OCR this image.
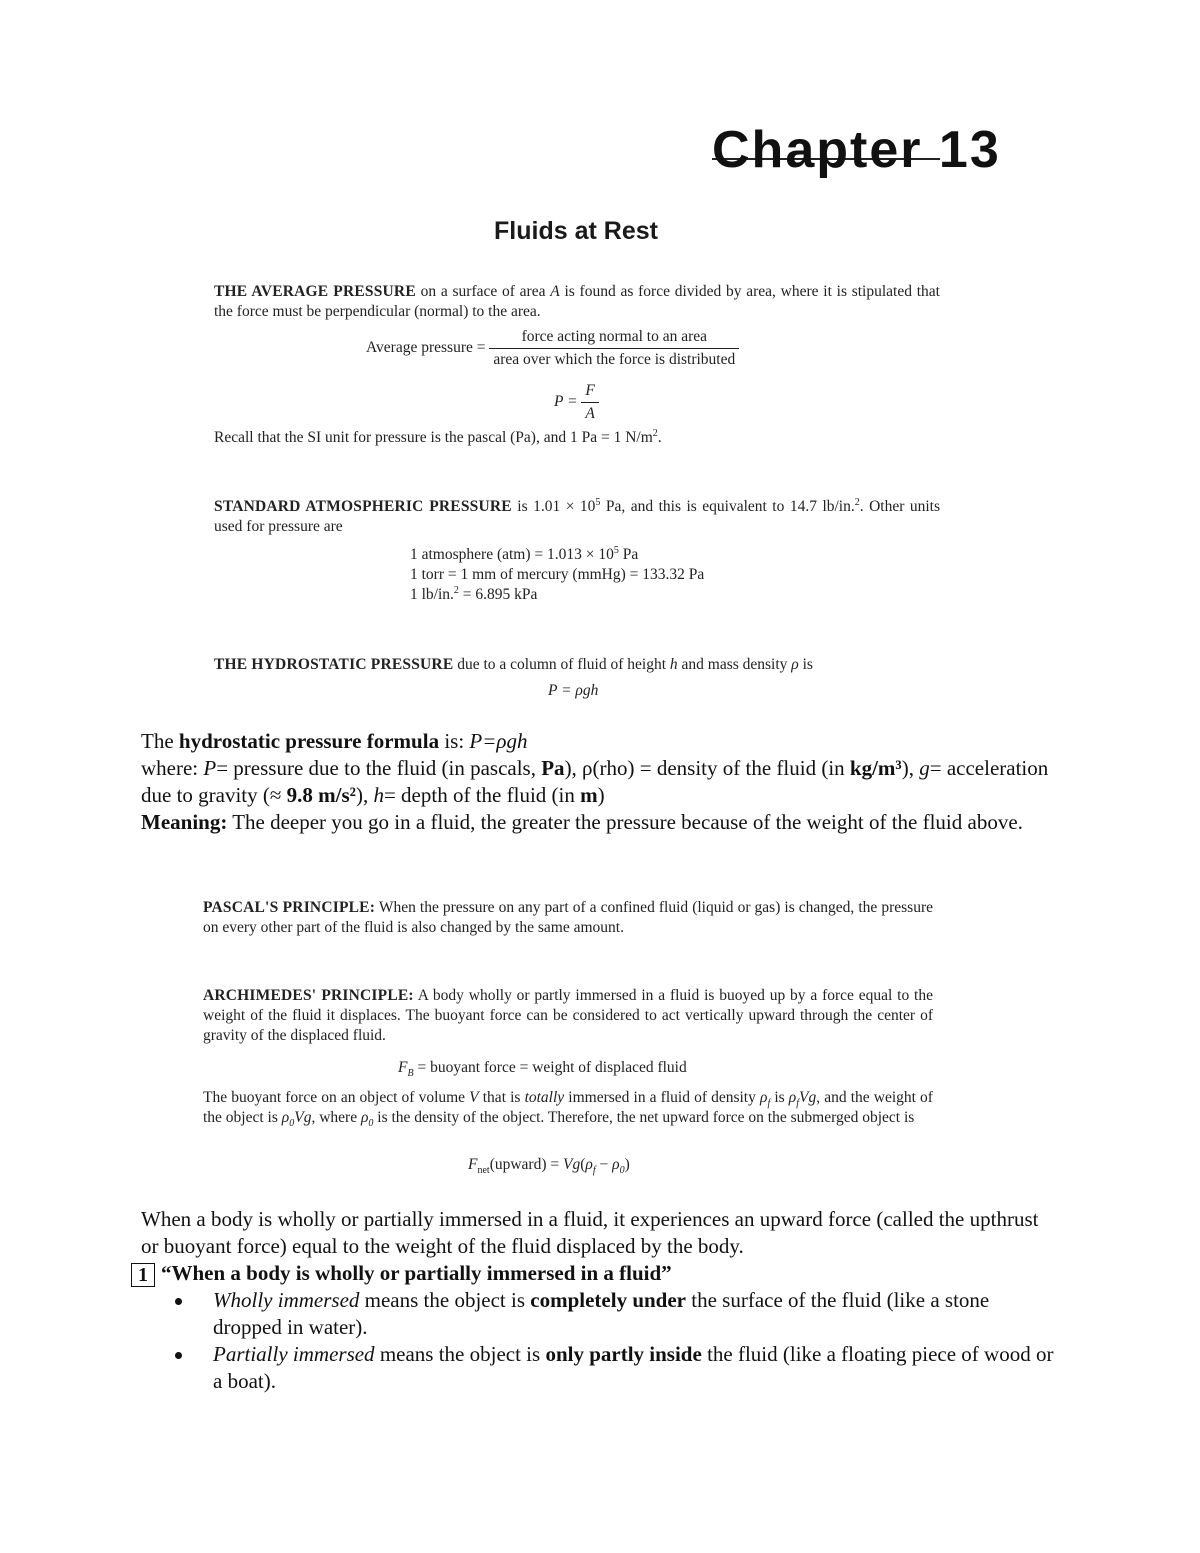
Chapter 13
Fluids at Rest
THE AVERAGE PRESSURE on a surface of area A is found as force divided by area, where it is stipulated that the force must be perpendicular (normal) to the area.
Average pressure = $\frac{\text{force acting normal to an area}}{\text{area over which the force is distributed}}$
$P = \frac{F}{A}$
Recall that the SI unit for pressure is the pascal (Pa), and 1 Pa = 1 $N/m^2$.
STANDARD ATMOSPHERIC PRESSURE is $1.01 \times 10^5$ Pa, and this is equivalent to 14.7 lb/in.$^2$. Other units used for pressure are
1 atmosphere $(atm) = 1.013 \times 10^5$ Pa
1 torr = 1 mm of mercury (mmHg) = 133.32 Pa
1 lb/in.$^2$ = 6.895 kPa
THE HYDROSTATIC PRESSURE due to a column of fluid of height h and mass density ρ is
P = ρgh
The hydrostatic pressure formula is: P=ρgh
where: P= pressure due to the fluid (in pascals, Pa), ρ(rho) = density of the fluid (in kg/m³), g= acceleration due to gravity (≈ 9.8 m/s²), h= depth of the fluid (in m)
Meaning: The deeper you go in a fluid, the greater the pressure because of the weight of the fluid above.
PASCAL'S PRINCIPLE: When the pressure on any part of a confined fluid (liquid or gas) is changed, the pressure on every other part of the fluid is also changed by the same amount.
ARCHIMEDES' PRINCIPLE: A body wholly or partly immersed in a fluid is buoyed up by a force equal to the weight of the fluid it displaces. The buoyant force can be considered to act vertically upward through the center of gravity of the displaced fluid.
$F_B$ = buoyant force = weight of displaced fluid
The buoyant force on an object of volume V that is totally immersed in a fluid of density $\rho_f$ is $\rho_fVg$, and the weight of the object is $\rho_0Vg$, where $\rho_0$ is the density of the object. Therefore, the net upward force on the submerged object is
$F_{net}(upward) = Vg(\rho_f - \rho_0)$
When a body is wholly or partially immersed in a fluid, it experiences an upward force (called the upthrust or buoyant force) equal to the weight of the fluid displaced by the body.
1 “When a body is wholly or partially immersed in a fluid”
Wholly immersed means the object is completely under the surface of the fluid (like a stone dropped in water).
Partially immersed means the object is only partly inside the fluid (like a floating piece of wood or a boat).
